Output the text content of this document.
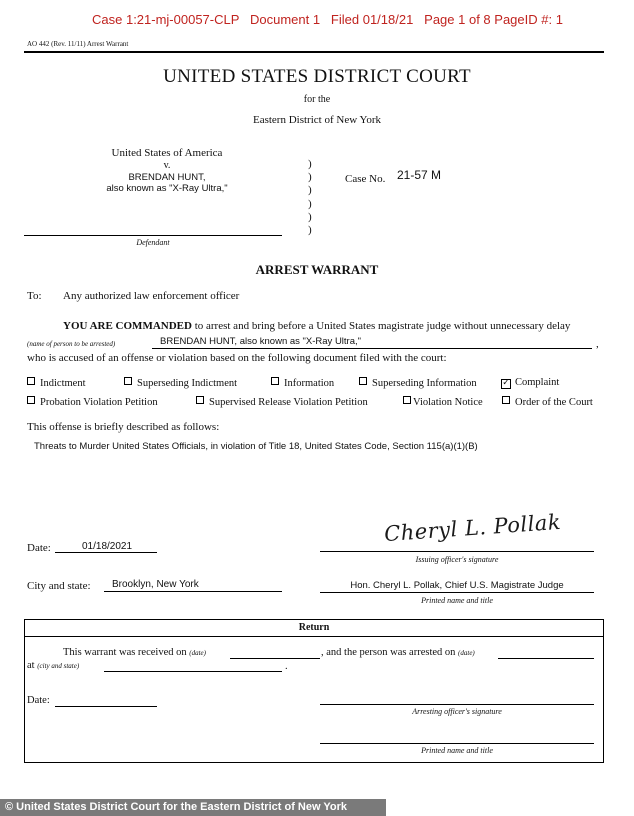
Case 1:21-mj-00057-CLP   Document 1   Filed 01/18/21   Page 1 of 8 PageID #: 1
AO 442 (Rev. 11/11) Arrest Warrant
UNITED STATES DISTRICT COURT
for the
Eastern District of New York
United States of America
v.
BRENDAN HUNT,
also known as "X-Ray Ultra,"
Defendant
)
)
)
)
)
)
Case No. 21-57 M
ARREST WARRANT
To: Any authorized law enforcement officer
YOU ARE COMMANDED to arrest and bring before a United States magistrate judge without unnecessary delay
(name of person to be arrested)	BRENDAN HUNT, also known as "X-Ray Ultra,"	,
who is accused of an offense or violation based on the following document filed with the court:
Indictment	Superseding Indictment	Information	Superseding Information	✓ Complaint
Probation Violation Petition	Supervised Release Violation Petition	Violation Notice	Order of the Court
This offense is briefly described as follows:
Threats to Murder United States Officials, in violation of Title 18, United States Code, Section 115(a)(1)(B)
Date:	01/18/2021
Cheryl L. Pollak
Issuing officer's signature
City and state: Brooklyn, New York	Hon. Cheryl L. Pollak, Chief U.S. Magistrate Judge
Printed name and title
Return
This warrant was received on (date)	, and the person was arrested on (date)
at (city and state)	.
Date:
Arresting officer's signature
Printed name and title
© United States District Court for the Eastern District of New York
